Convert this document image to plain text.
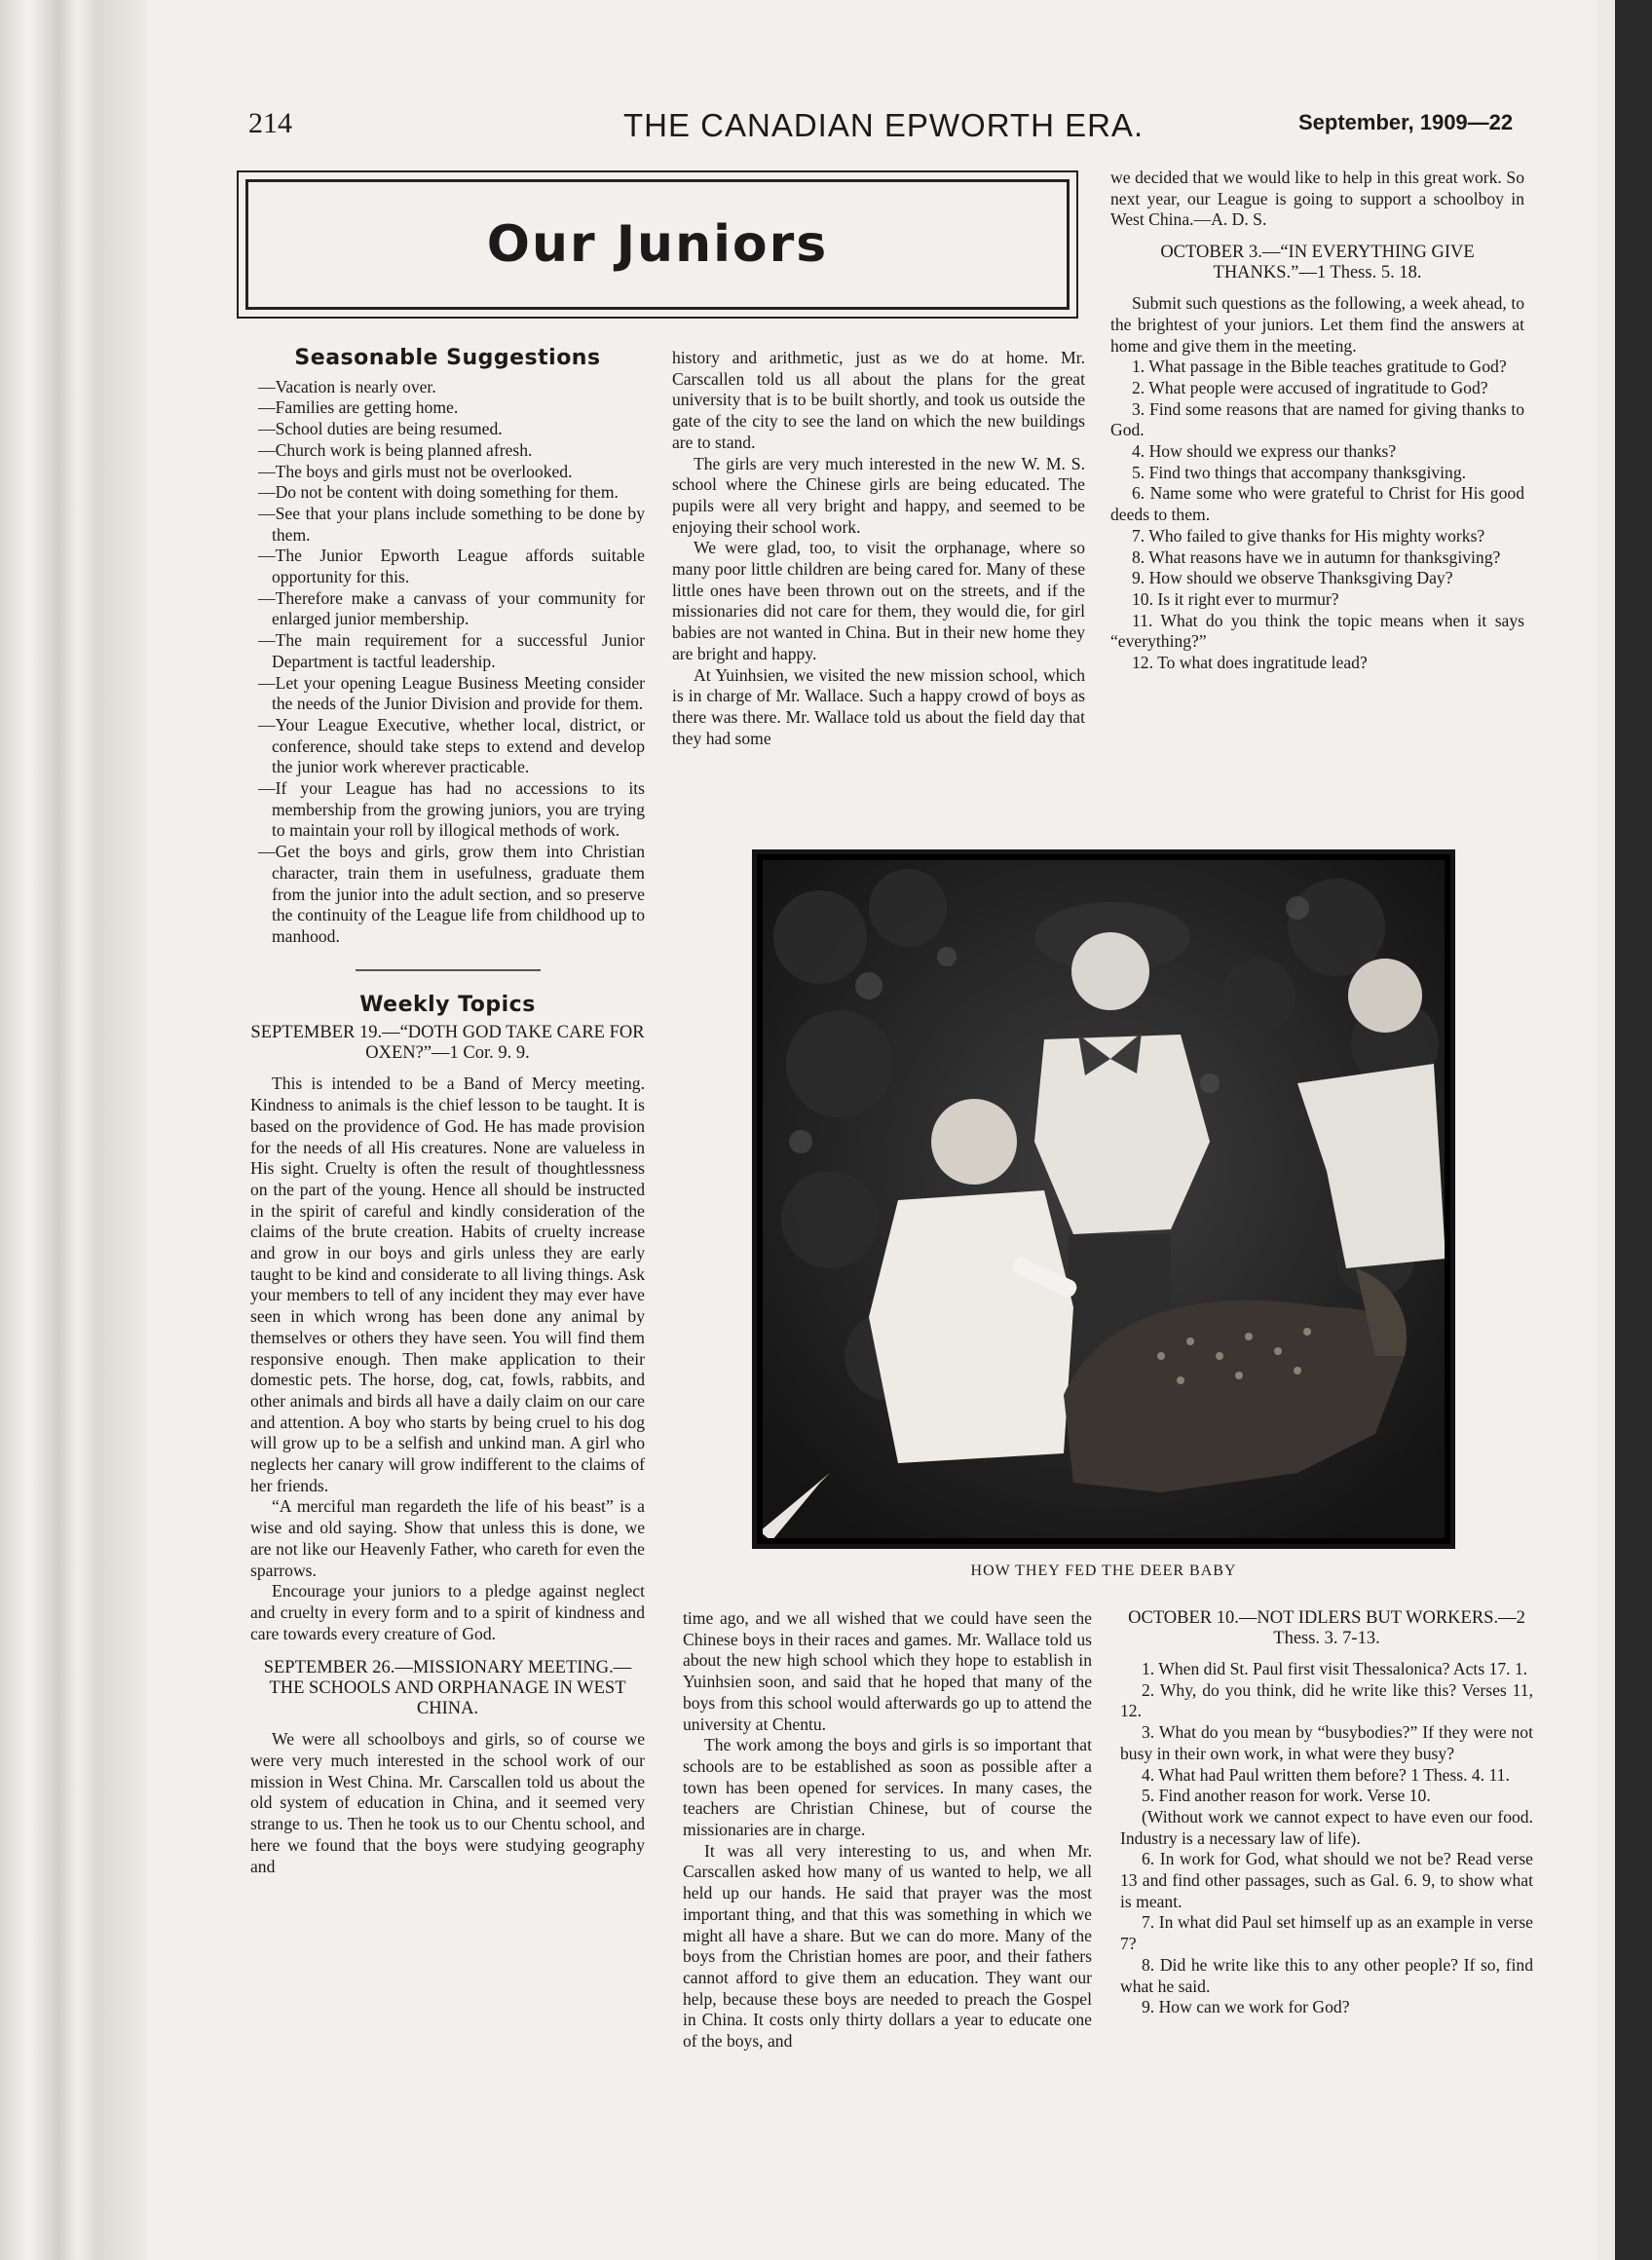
214	THE CANADIAN EPWORTH ERA.	September, 1909—22
Our Juniors
Seasonable Suggestions

—Vacation is nearly over.

—Families are getting home.

—School duties are being resumed.

—Church work is being planned afresh.

—The boys and girls must not be overlooked.

—Do not be content with doing something for them.

—See that your plans include something to be done by them.

—The Junior Epworth League affords suitable opportunity for this.

—Therefore make a canvass of your community for enlarged junior membership.

—The main requirement for a successful Junior Department is tactful leadership.

—Let your opening League Business Meeting consider the needs of the Junior Division and provide for them.

—Your League Executive, whether local, district, or conference, should take steps to extend and develop the junior work wherever practicable.

—If your League has had no accessions to its membership from the growing juniors, you are trying to maintain your roll by illogical methods of work.

—Get the boys and girls, grow them into Christian character, train them in usefulness, graduate them from the junior into the adult section, and so preserve the continuity of the League life from childhood up to manhood.

Weekly Topics
SEPTEMBER 19.—“DOTH GOD TAKE CARE FOR OXEN?”—1 Cor. 9. 9.

This is intended to be a Band of Mercy meeting. Kindness to animals is the chief lesson to be taught. It is based on the providence of God. He has made provision for the needs of all His creatures. None are valueless in His sight. Cruelty is often the result of thoughtlessness on the part of the young. Hence all should be instructed in the spirit of careful and kindly consideration of the claims of the brute creation. Habits of cruelty increase and grow in our boys and girls unless they are early taught to be kind and considerate to all living things. Ask your members to tell of any incident they may ever have seen in which wrong has been done any animal by themselves or others they have seen. You will find them responsive enough. Then make application to their domestic pets. The horse, dog, cat, fowls, rabbits, and other animals and birds all have a daily claim on our care and attention. A boy who starts by being cruel to his dog will grow up to be a selfish and unkind man. A girl who neglects her canary will grow indifferent to the claims of her friends.

“A merciful man regardeth the life of his beast” is a wise and old saying. Show that unless this is done, we are not like our Heavenly Father, who careth for even the sparrows.

Encourage your juniors to a pledge against neglect and cruelty in every form and to a spirit of kindness and care towards every creature of God.

SEPTEMBER 26.—MISSIONARY MEETING.—THE SCHOOLS AND ORPHANAGE IN WEST CHINA.

We were all schoolboys and girls, so of course we were very much interested in the school work of our mission in West China. Mr. Carscallen told us about the old system of education in China, and it seemed very strange to us. Then he took us to our Chentu school, and here we found that the boys were studying geography and

history and arithmetic, just as we do at home. Mr. Carscallen told us all about the plans for the great university that is to be built shortly, and took us outside the gate of the city to see the land on which the new buildings are to stand.

The girls are very much interested in the new W. M. S. school where the Chinese girls are being educated. The pupils were all very bright and happy, and seemed to be enjoying their school work.

We were glad, too, to visit the orphanage, where so many poor little children are being cared for. Many of these little ones have been thrown out on the streets, and if the missionaries did not care for them, they would die, for girl babies are not wanted in China. But in their new home they are bright and happy.

At Yuinhsien, we visited the new mission school, which is in charge of Mr. Wallace. Such a happy crowd of boys as there was there. Mr. Wallace told us about the field day that they had some

we decided that we would like to help in this great work. So next year, our League is going to support a schoolboy in West China.—A. D. S.

OCTOBER 3.—“IN EVERYTHING GIVE THANKS.”—1 Thess. 5. 18.

Submit such questions as the following, a week ahead, to the brightest of your juniors. Let them find the answers at home and give them in the meeting.

1. What passage in the Bible teaches gratitude to God?

2. What people were accused of ingratitude to God?

3. Find some reasons that are named for giving thanks to God.

4. How should we express our thanks?

5. Find two things that accompany thanksgiving.

6. Name some who were grateful to Christ for His good deeds to them.

7. Who failed to give thanks for His mighty works?

8. What reasons have we in autumn for thanksgiving?

9. How should we observe Thanksgiving Day?

10. Is it right ever to murmur?

11. What do you think the topic means when it says “everything?”

12. To what does ingratitude lead?

HOW THEY FED THE DEER BABY

time ago, and we all wished that we could have seen the Chinese boys in their races and games. Mr. Wallace told us about the new high school which they hope to establish in Yuinhsien soon, and said that he hoped that many of the boys from this school would afterwards go up to attend the university at Chentu.

The work among the boys and girls is so important that schools are to be established as soon as possible after a town has been opened for services. In many cases, the teachers are Christian Chinese, but of course the missionaries are in charge.

It was all very interesting to us, and when Mr. Carscallen asked how many of us wanted to help, we all held up our hands. He said that prayer was the most important thing, and that this was something in which we might all have a share. But we can do more. Many of the boys from the Christian homes are poor, and their fathers cannot afford to give them an education. They want our help, because these boys are needed to preach the Gospel in China. It costs only thirty dollars a year to educate one of the boys, and

OCTOBER 10.—NOT IDLERS BUT WORKERS.—2 Thess. 3. 7-13.

1. When did St. Paul first visit Thessalonica? Acts 17. 1.

2. Why, do you think, did he write like this? Verses 11, 12.

3. What do you mean by “busybodies?” If they were not busy in their own work, in what were they busy?

4. What had Paul written them before? 1 Thess. 4. 11.

5. Find another reason for work. Verse 10.

(Without work we cannot expect to have even our food. Industry is a necessary law of life).

6. In work for God, what should we not be? Read verse 13 and find other passages, such as Gal. 6. 9, to show what is meant.

7. In what did Paul set himself up as an example in verse 7?

8. Did he write like this to any other people? If so, find what he said.

9. How can we work for God?
